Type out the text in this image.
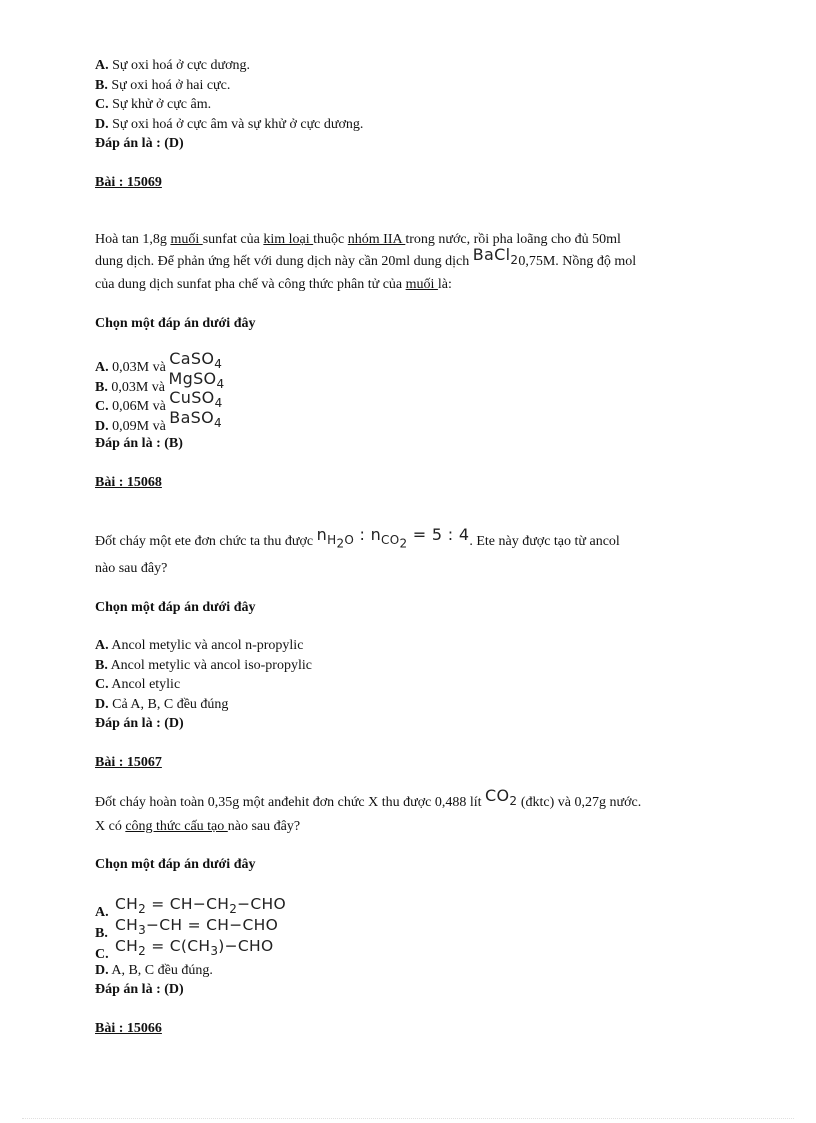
A. Sự oxi hoá ở cực dương.
B. Sự oxi hoá ở hai cực.
C. Sự khử ở cực âm.
D. Sự oxi hoá ở cực âm và sự khử ở cực dương.
Đáp án là : (D)
Bài : 15069
Hoà tan 1,8g muối sunfat của kim loại thuộc nhóm IIA trong nước, rồi pha loãng cho đủ 50ml
dung dịch. Để phản ứng hết với dung dịch này cần 20ml dung dịch BaCl$_2$0,75M. Nồng độ mol
của dung dịch sunfat pha chế và công thức phân tử của muối là:
Chọn một đáp án dưới đây
A. 0,03M và CaSO$_4$
B. 0,03M và MgSO$_4$
C. 0,06M và CuSO$_4$
D. 0,09M và BaSO$_4$
Đáp án là : (B)
Bài : 15068
Đốt cháy một ete đơn chức ta thu được $n_{H_2O}$ : $n_{CO_2} = 5$ : 4. Ete này được tạo từ ancol
nào sau đây?
Chọn một đáp án dưới đây
A. Ancol metylic và ancol n-propylic
B. Ancol metylic và ancol iso-propylic
C. Ancol etylic
D. Cả A, B, C đều đúng
Đáp án là : (D)
Bài : 15067
Đốt cháy hoàn toàn 0,35g một anđehit đơn chức X thu được 0,488 lít $CO_2$ (đktc) và 0,27g nước.
X có công thức cấu tạo nào sau đây?
Chọn một đáp án dưới đây
A. $CH_2 = CH-CH_2-CHO$
B. $CH_3-CH = CH-CHO$
C. $CH_2 = C(CH_3)-CHO$
D. A, B, C đều đúng.
Đáp án là : (D)
Bài : 15066
